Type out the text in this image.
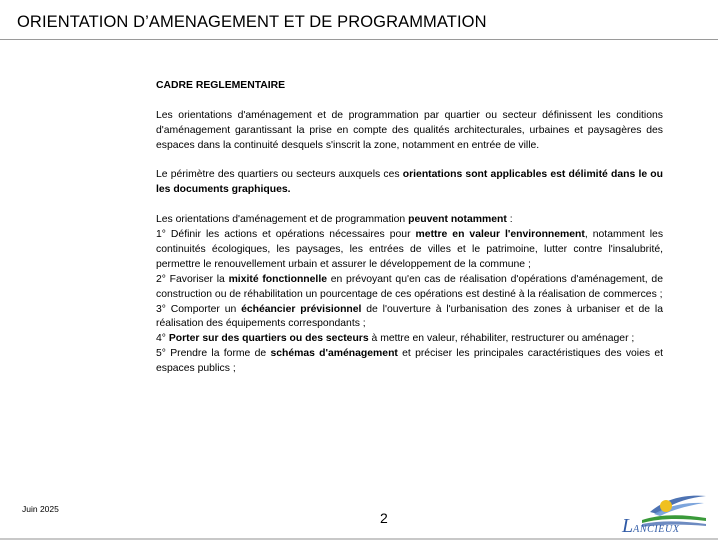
ORIENTATION D’AMENAGEMENT ET DE PROGRAMMATION

CADRE REGLEMENTAIRE

Les orientations d'aménagement et de programmation par quartier ou secteur définissent les conditions d'aménagement garantissant la prise en compte des qualités architecturales, urbaines et paysagères des espaces dans la continuité desquels s'inscrit la zone, notamment en entrée de ville.

Le périmètre des quartiers ou secteurs auxquels ces orientations sont applicables est délimité dans le ou les documents graphiques.

Les orientations d'aménagement et de programmation peuvent notamment :

1° Définir les actions et opérations nécessaires pour mettre en valeur l'environnement, notamment les continuités écologiques, les paysages, les entrées de villes et le patrimoine, lutter contre l'insalubrité, permettre le renouvellement urbain et assurer le développement de la commune ;

2° Favoriser la mixité fonctionnelle en prévoyant qu'en cas de réalisation d'opérations d'aménagement, de construction ou de réhabilitation un pourcentage de ces opérations est destiné à la réalisation de commerces ;

3° Comporter un échéancier prévisionnel de l'ouverture à l'urbanisation des zones à urbaniser et de la réalisation des équipements correspondants ;

4° Porter sur des quartiers ou des secteurs à mettre en valeur, réhabiliter, restructurer ou aménager ;

5° Prendre la forme de schémas d'aménagement et préciser les principales caractéristiques des voies et espaces publics ;

Juin 2025
2	LANCIEUX
